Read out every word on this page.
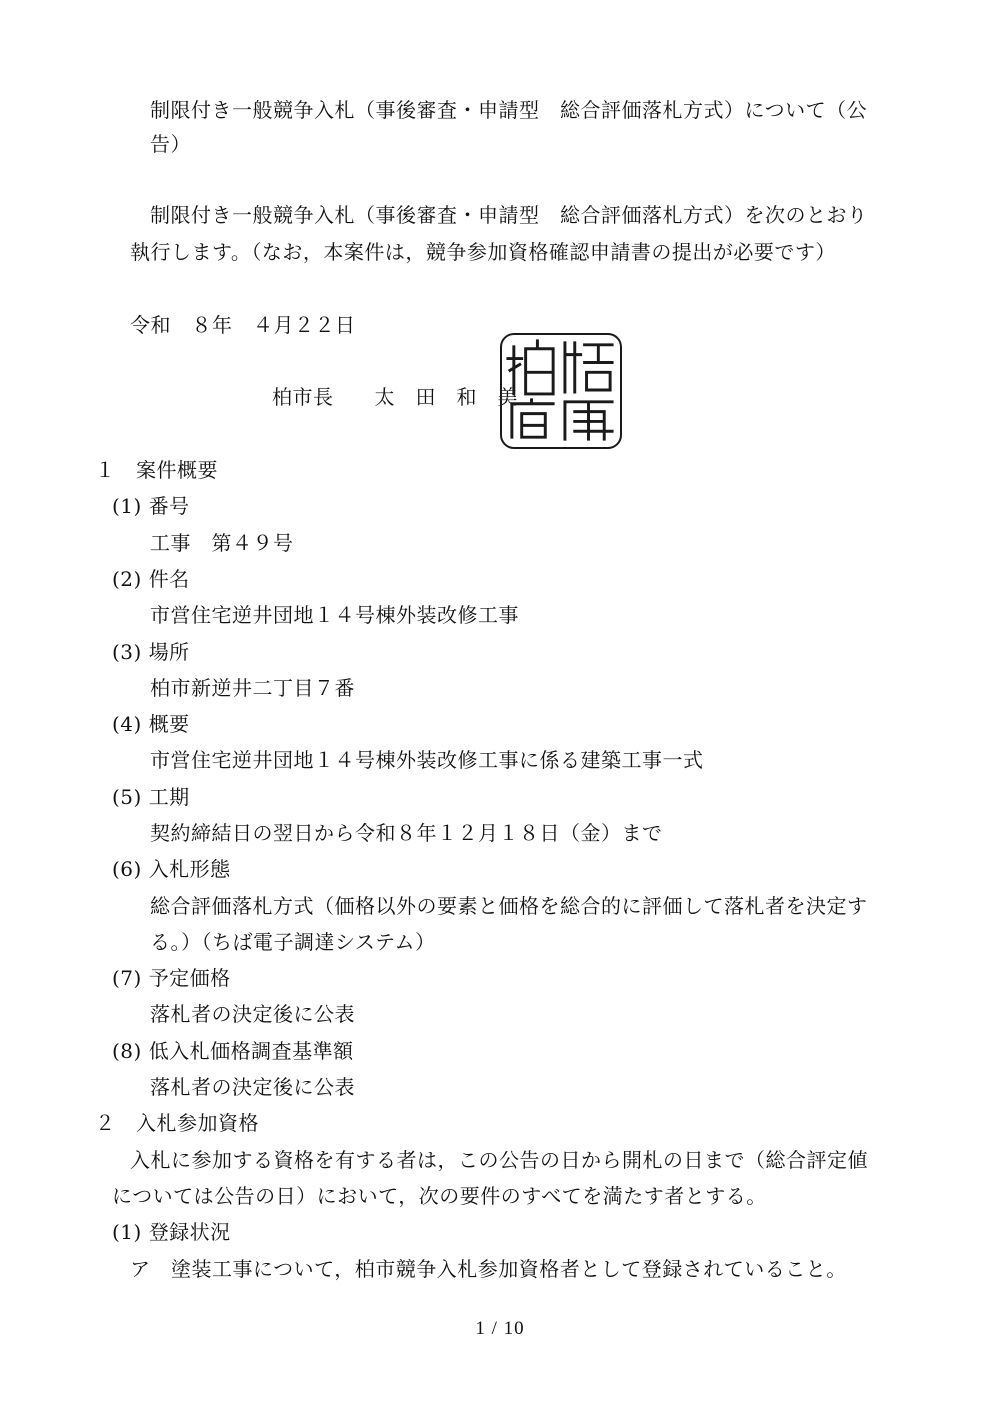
制限付き一般競争入札（事後審査・申請型　総合評価落札方式）について（公
告）
制限付き一般競争入札（事後審査・申請型　総合評価落札方式）を次のとおり
執行します。（なお，本案件は，競争参加資格確認申請書の提出が必要です）
令和　８年　４月２２日
柏市長　　太　田　和　美
１　案件概要
(1) 番号
工事　第４９号
(2) 件名
市営住宅逆井団地１４号棟外装改修工事
(3) 場所
柏市新逆井二丁目７番
(4) 概要
市営住宅逆井団地１４号棟外装改修工事に係る建築工事一式
(5) 工期
契約締結日の翌日から令和８年１２月１８日（金）まで
(6) 入札形態
総合評価落札方式（価格以外の要素と価格を総合的に評価して落札者を決定す
る。）（ちば電子調達システム）
(7) 予定価格
落札者の決定後に公表
(8) 低入札価格調査基準額
落札者の決定後に公表
２　入札参加資格
入札に参加する資格を有する者は，この公告の日から開札の日まで（総合評定値
については公告の日）において，次の要件のすべてを満たす者とする。
(1) 登録状況
ア　塗装工事について，柏市競争入札参加資格者として登録されていること。
1 / 10
